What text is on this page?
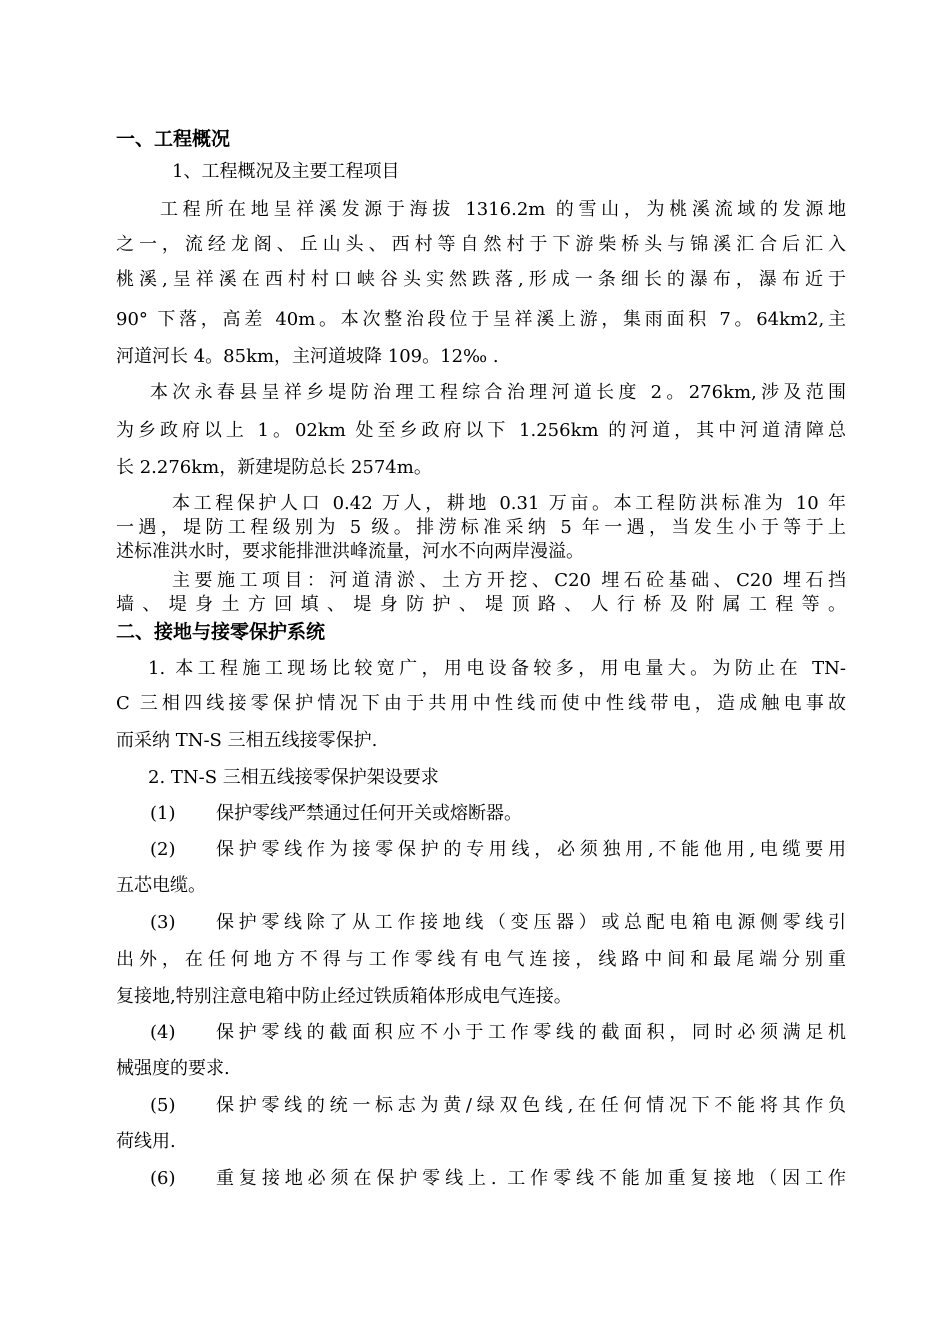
一、工程概况
1、工程概况及主要工程项目
工程所在地呈祥溪发源于海拔 1316.2m 的雪山，为桃溪流域的发源地
之一，流经龙阁、丘山头、西村等自然村于下游柴桥头与锦溪汇合后汇入
桃溪,呈祥溪在西村村口峡谷头实然跌落,形成一条细长的瀑布，瀑布近于
90° 下落，高差 40m。本次整治段位于呈祥溪上游，集雨面积 7。64km2,主
河道河长 4。85km，主河道坡降 109。12‰ .
本次永春县呈祥乡堤防治理工程综合治理河道长度 2。276km,涉及范围
为乡政府以上 1。02km 处至乡政府以下 1.256km 的河道，其中河道清障总
长 2.276km，新建堤防总长 2574m。
本工程保护人口 0.42 万人，耕地 0.31 万亩。本工程防洪标准为 10 年
一遇，堤防工程级别为 5 级。排涝标准采纳 5 年一遇，当发生小于等于上
述标准洪水时，要求能排泄洪峰流量，河水不向两岸漫溢。
主要施工项目：河道清淤、土方开挖、C20 埋石砼基础、C20 埋石挡
墙、堤身土方回填、堤身防护、堤顶路、人行桥及附属工程等。
二、接地与接零保护系统
1. 本工程施工现场比较宽广，用电设备较多，用电量大。为防止在 TN-
C 三相四线接零保护情况下由于共用中性线而使中性线带电，造成触电事故
而采纳 TN-S 三相五线接零保护.
2. TN-S 三相五线接零保护架设要求
(1) 保护零线严禁通过任何开关或熔断器。
(2) 保护零线作为接零保护的专用线，必须独用,不能他用,电缆要用
五芯电缆。
(3) 保护零线除了从工作接地线（变压器）或总配电箱电源侧零线引
出外，在任何地方不得与工作零线有电气连接，线路中间和最尾端分别重
复接地,特别注意电箱中防止经过铁质箱体形成电气连接。
(4) 保护零线的截面积应不小于工作零线的截面积，同时必须满足机
械强度的要求.
(5) 保护零线的统一标志为黄/绿双色线,在任何情况下不能将其作负
荷线用.
(6) 重复接地必须在保护零线上. 工作零线不能加重复接地（因工作
